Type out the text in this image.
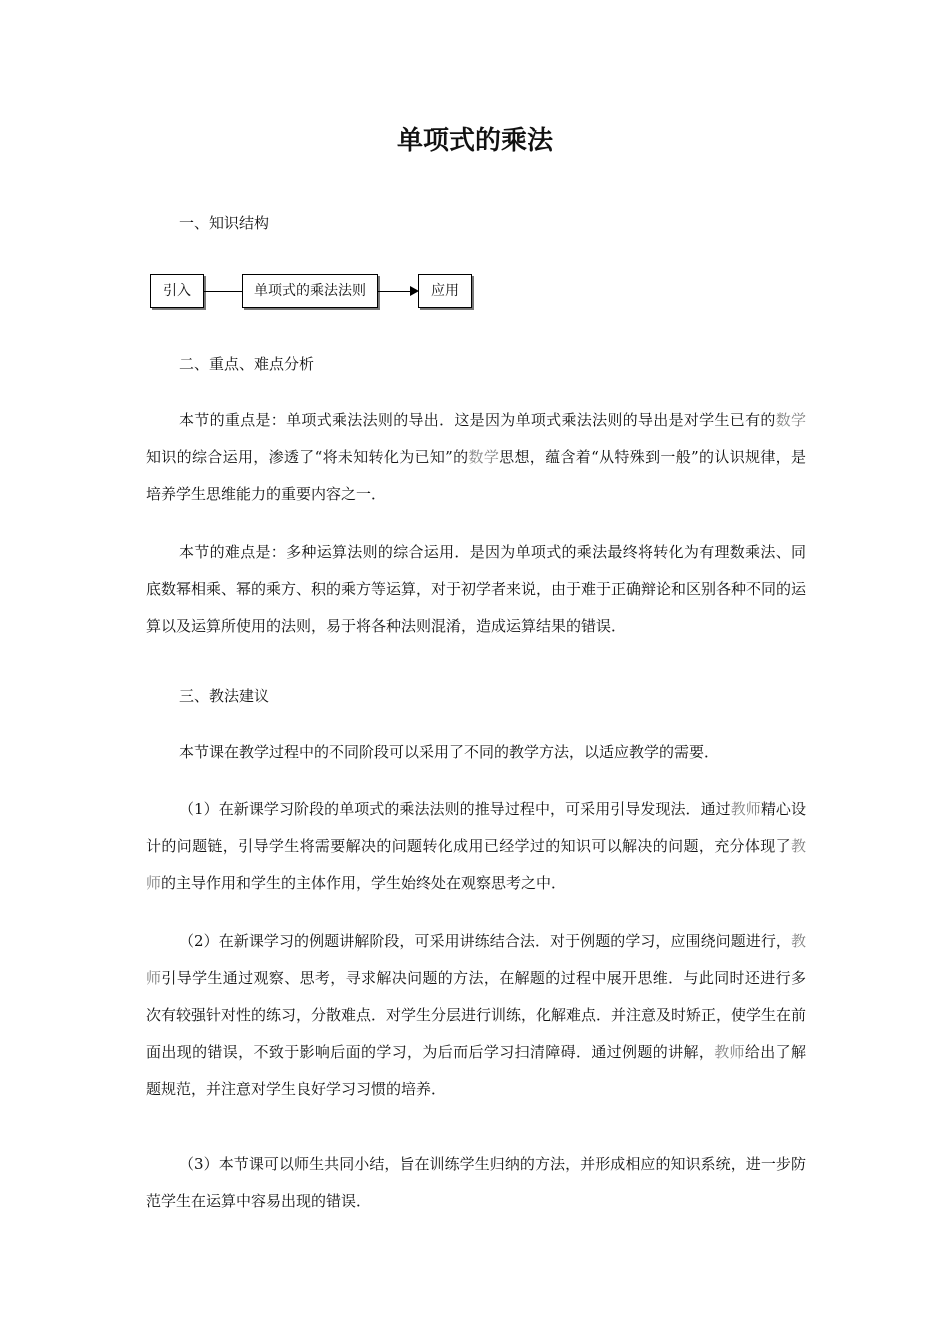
单项式的乘法

一、知识结构

引入	单项式的乘法法则	应用

二、重点、难点分析

本节的重点是：单项式乘法法则的导出．这是因为单项式乘法法则的导出是对学生已有的数学知识的综合运用，渗透了“将未知转化为已知”的数学思想，蕴含着“从特殊到一般”的认识规律，是培养学生思维能力的重要内容之一．

本节的难点是：多种运算法则的综合运用．是因为单项式的乘法最终将转化为有理数乘法、同底数幂相乘、幂的乘方、积的乘方等运算，对于初学者来说，由于难于正确辩论和区别各种不同的运算以及运算所使用的法则，易于将各种法则混淆，造成运算结果的错误．

三、教法建议

本节课在教学过程中的不同阶段可以采用了不同的教学方法，以适应教学的需要．

（1）在新课学习阶段的单项式的乘法法则的推导过程中，可采用引导发现法．通过教师精心设计的问题链，引导学生将需要解决的问题转化成用已经学过的知识可以解决的问题，充分体现了教师的主导作用和学生的主体作用，学生始终处在观察思考之中．

（2）在新课学习的例题讲解阶段，可采用讲练结合法．对于例题的学习，应围绕问题进行，教师引导学生通过观察、思考，寻求解决问题的方法，在解题的过程中展开思维．与此同时还进行多次有较强针对性的练习，分散难点．对学生分层进行训练，化解难点．并注意及时矫正，使学生在前面出现的错误，不致于影响后面的学习，为后而后学习扫清障碍．通过例题的讲解，教师给出了解题规范，并注意对学生良好学习习惯的培养．

（3）本节课可以师生共同小结，旨在训练学生归纳的方法，并形成相应的知识系统，进一步防范学生在运算中容易出现的错误．
